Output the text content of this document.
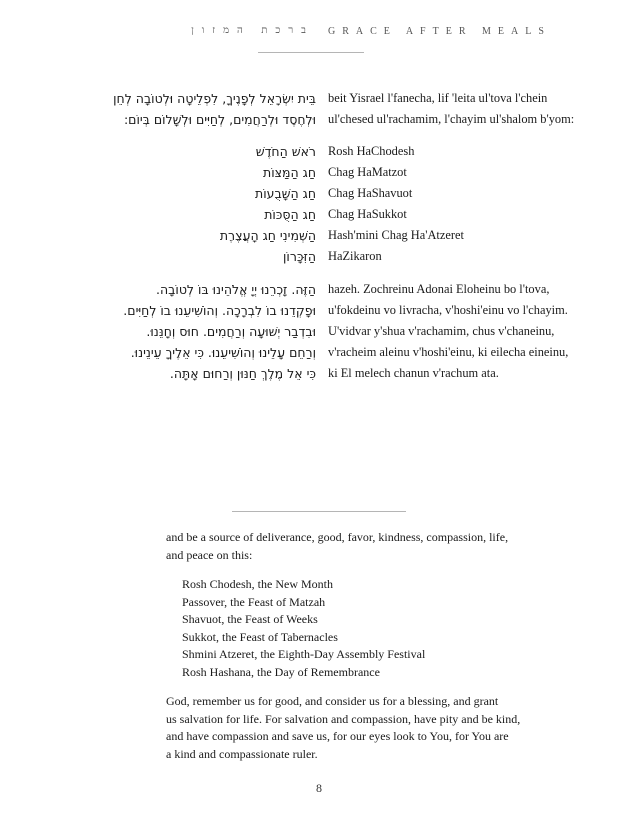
ברכת המזון GRACE AFTER MEALS
בֵּית יִשְׂרָאֵל לְפָנֶיךָ, לִפְלֵיטָה וּלְטוֹבָה לְחֵן
וּלְחֶסֶד וּלְרַחֲמִים, לְחַיִּים וּלְשָׁלוֹם בְּיוֹם:
רֹאשׁ הַחֹדֶשׁ
חַג הַמַּצּוֹת
חַג הַשָּׁבֻעוֹת
חַג הַסֻּכּוֹת
הַשְּׁמִינִי חַג הָעֲצֶרֶת
הַזִּכָּרוֹן
הַזֶּה. זָכְרֵנוּ יְיָ אֱלֹהֵינוּ בּוֹ לְטוֹבָה.
וּפָקְדֵנוּ בוֹ לִבְרָכָה. וְהוֹשִׁיעֵנוּ בוֹ לְחַיִּים.
וּבִדְבַר יְשׁוּעָה וְרַחֲמִים. חוּס וְחָנֵּנוּ.
וְרַחֵם עָלֵינוּ וְהוֹשִׁיעֵנוּ. כִּי אֵלֶיךָ עֵינֵינוּ.
כִּי אֵל מֶלֶךְ חַנּוּן וְרַחוּם אָתָּה.
beit Yisrael l'fanecha, lif 'leita ul'tova l'chein
ul'chesed ul'rachamim, l'chayim ul'shalom b'yom:
Rosh HaChodesh
Chag HaMatzot
Chag HaShavuot
Chag HaSukkot
Hash'mini Chag Ha'Atzeret
HaZikaron
hazeh. Zochreinu Adonai Eloheinu bo l'tova,
u'fokdeinu vo livracha, v'hoshi'einu vo l'chayim.
U'vidvar y'shua v'rachamim, chus v'chaneinu,
v'racheim aleinu v'hoshi'einu, ki eilecha eineinu,
ki El melech chanun v'rachum ata.
and be a source of deliverance, good, favor, kindness, compassion, life,
and peace on this:
Rosh Chodesh, the New Month
Passover, the Feast of Matzah
Shavuot, the Feast of Weeks
Sukkot, the Feast of Tabernacles
Shmini Atzeret, the Eighth-Day Assembly Festival
Rosh Hashana, the Day of Remembrance
God, remember us for good, and consider us for a blessing, and grant
us salvation for life. For salvation and compassion, have pity and be kind,
and have compassion and save us, for our eyes look to You, for You are
a kind and compassionate ruler.
8
